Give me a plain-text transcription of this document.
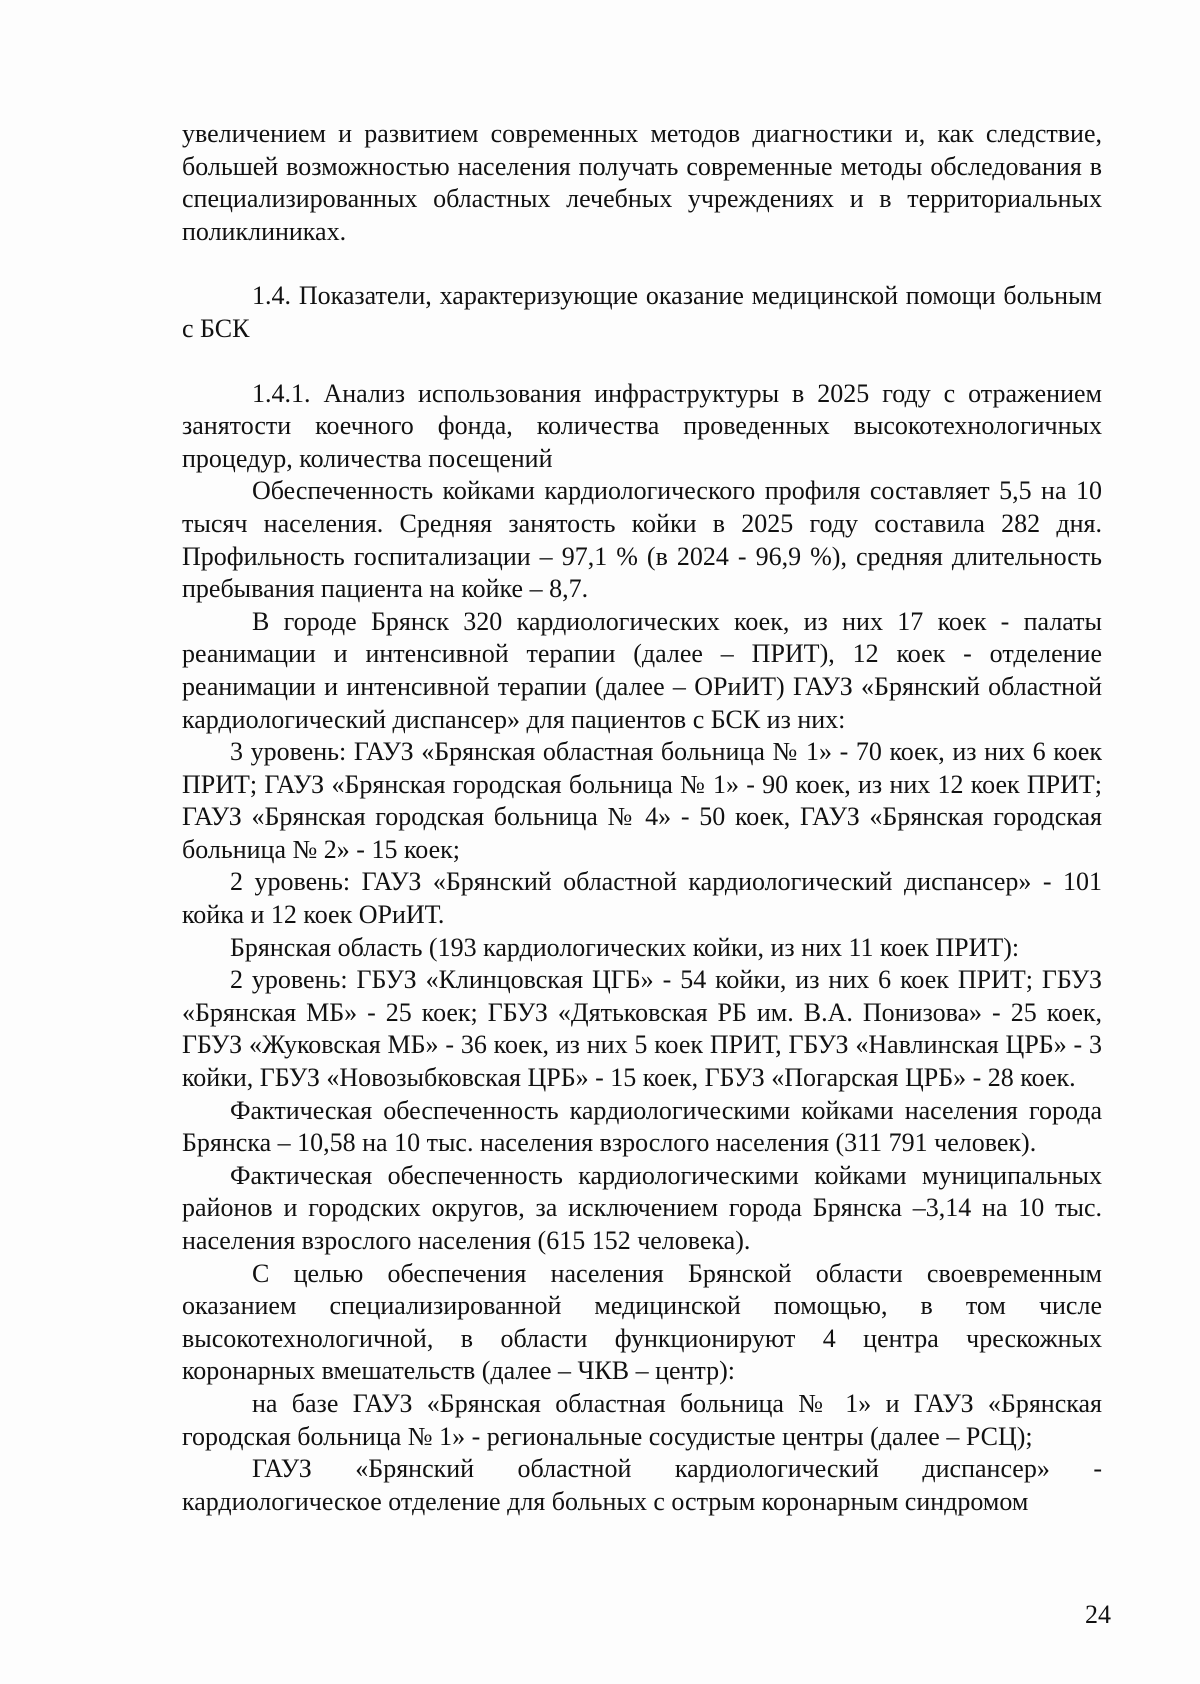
увеличением и развитием современных методов диагностики и, как следствие, большей возможностью населения получать современные методы обследования в специализированных областных лечебных учреждениях и в территориальных поликлиниках.

1.4. Показатели, характеризующие оказание медицинской помощи больным с БСК

1.4.1. Анализ использования инфраструктуры в 2025 году с отражением занятости коечного фонда, количества проведенных высокотехнологичных процедур, количества посещений

Обеспеченность койками кардиологического профиля составляет 5,5 на 10 тысяч населения. Средняя занятость койки в 2025 году составила 282 дня. Профильность госпитализации – 97,1 % (в 2024 - 96,9 %), средняя длительность пребывания пациента на койке – 8,7.

В городе Брянск 320 кардиологических коек, из них 17 коек - палаты реанимации и интенсивной терапии (далее – ПРИТ), 12 коек - отделение реанимации и интенсивной терапии (далее – ОРиИТ) ГАУЗ «Брянский областной кардиологический диспансер» для пациентов с БСК из них:

3 уровень: ГАУЗ «Брянская областная больница № 1» - 70 коек, из них 6 коек ПРИТ; ГАУЗ «Брянская городская больница № 1» - 90 коек, из них 12 коек ПРИТ; ГАУЗ «Брянская городская больница № 4» - 50 коек, ГАУЗ «Брянская городская больница № 2» - 15 коек;

2 уровень: ГАУЗ «Брянский областной кардиологический диспансер» - 101 койка и 12 коек ОРиИТ.

Брянская область (193 кардиологических койки, из них 11 коек ПРИТ):

2 уровень: ГБУЗ «Клинцовская ЦГБ» - 54 койки, из них 6 коек ПРИТ; ГБУЗ «Брянская МБ» - 25 коек; ГБУЗ «Дятьковская РБ им. В.А. Понизова» - 25 коек, ГБУЗ «Жуковская МБ» - 36 коек, из них 5 коек ПРИТ, ГБУЗ «Навлинская ЦРБ» - 3 койки, ГБУЗ «Новозыбковская ЦРБ» - 15 коек, ГБУЗ «Погарская ЦРБ» - 28 коек.

Фактическая обеспеченность кардиологическими койками населения города Брянска – 10,58 на 10 тыс. населения взрослого населения (311 791 человек).

Фактическая обеспеченность кардиологическими койками муниципальных районов и городских округов, за исключением города Брянска –3,14 на 10 тыс. населения взрослого населения (615 152 человека).

С целью обеспечения населения Брянской области своевременным оказанием специализированной медицинской помощью, в том числе высокотехнологичной, в области функционируют 4 центра чрескожных коронарных вмешательств (далее – ЧКВ – центр):

на базе ГАУЗ «Брянская областная больница № 1» и ГАУЗ «Брянская городская больница № 1» - региональные сосудистые центры (далее – РСЦ);

ГАУЗ «Брянский областной кардиологический диспансер» - кардиологическое отделение для больных с острым коронарным синдромом

24
